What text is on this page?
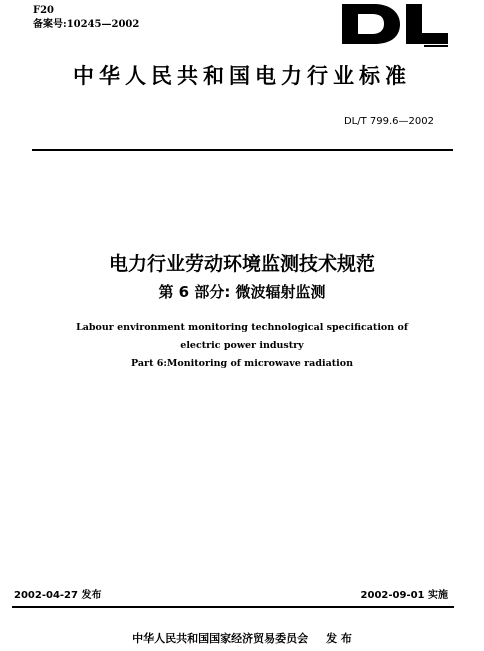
F20
备案号:10245—2002
中华人民共和国电力行业标准
DL/T 799.6—2002
电力行业劳动环境监测技术规范
第 6 部分: 微波辐射监测
Labour environment monitoring technological specification of
electric power industry
Part 6:Monitoring of microwave radiation
2002-04-27 发布	2002-09-01 实施
中华人民共和国国家经济贸易委员会 发 布
